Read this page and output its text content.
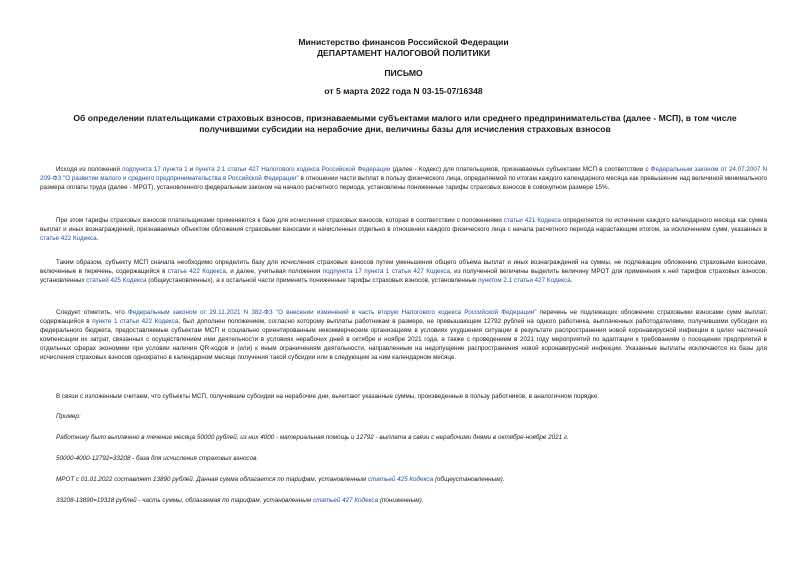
Министерство финансов Российской Федерации
ДЕПАРТАМЕНТ НАЛОГОВОЙ ПОЛИТИКИ
ПИСЬМО
от 5 марта 2022 года N 03-15-07/16348
Об определении плательщиками страховых взносов, признаваемыми субъектами малого или среднего предпринимательства (далее - МСП), в том числе получившими субсидии на нерабочие дни, величины базы для исчисления страховых взносов
Исходя из положений подпункта 17 пункта 1 и пункта 2.1 статьи 427 Налогового кодекса Российской Федерации (далее - Кодекс) для плательщиков, признаваемых субъектами МСП в соответствии с Федеральным законом от 24.07.2007 N 209-ФЗ "О развитии малого и среднего предпринимательства в Российской Федерации" в отношении части выплат в пользу физического лица, определяемой по итогам каждого календарного месяца как превышение над величиной минимального размера оплаты труда (далее - МРОТ), установленного федеральным законом на начало расчетного периода, установлены пониженные тарифы страховых взносов в совокупном размере 15%.
При этом тарифы страховых взносов плательщиками применяются к базе для исчисления страховых взносов, которая в соответствии с положениями статьи 421 Кодекса определяется по истечении каждого календарного месяца как сумма выплат и иных вознаграждений, признаваемых объектом обложения страховыми взносами и начисленных отдельно в отношении каждого физического лица с начала расчетного периода нарастающим итогом, за исключением сумм, указанных в статье 422 Кодекса.
Таким образом, субъекту МСП сначала необходимо определить базу для исчисления страховых взносов путем уменьшения общего объема выплат и иных вознаграждений на суммы, не подлежащие обложению страховыми взносами, включенные в перечень, содержащийся в статье 422 Кодекса, и далее, учитывая положения подпункта 17 пункта 1 статьи 427 Кодекса, из полученной величины выделить величину МРОТ для применения к ней тарифов страховых взносов, установленных статьей 425 Кодекса (общеустановленных), а к остальной части применить пониженные тарифы страховых взносов, установленные пунктом 2.1 статьи 427 Кодекса.
Следует отметить, что Федеральным законом от 29.11.2021 N 382-ФЗ "О внесении изменений в часть вторую Налогового кодекса Российской Федерации" перечень не подлежащих обложению страховыми взносами сумм выплат, содержащийся в пункте 1 статьи 422 Кодекса, был дополнен положением, согласно которому выплаты работникам в размере, не превышающем 12792 рублей на одного работника, выплаченных работодателями, получившими субсидии из федерального бюджета, предоставляемые субъектам МСП и социально ориентированным некоммерческим организациям в условиях ухудшения ситуации в результате распространения новой коронавирусной инфекции в целях частичной компенсации их затрат, связанных с осуществлением ими деятельности в условиях нерабочих дней в октябре и ноябре 2021 года, а также с проведением в 2021 году мероприятий по адаптации к требованиям о посещении предприятий в отдельных сферах экономики при условии наличия QR-кодов и (или) к иным ограничениям деятельности, направленным на недопущение распространения новой коронавирусной инфекции. Указанные выплаты исключаются из базы для исчисления страховых взносов однократно в календарном месяце получения такой субсидии или в следующем за ним календарном месяце.
В связи с изложенным считаем, что субъекты МСП, получившие субсидии на нерабочие дни, вычитают указанные суммы, произведенные в пользу работников, в аналогичном порядке.
Пример:
Работнику было выплачено в течение месяца 50000 рублей, из них 4000 - материальная помощь и 12792 - выплата в связи с нерабочими днями в октябре-ноябре 2021 г.
50000-4000-12792=33208 - база для исчисления страховых взносов.
МРОТ с 01.01.2022 составляет 13890 рублей. Данная сумма облагается по тарифам, установленным статьей 425 Кодекса (общеустановленным).
33208-13890=19318 рублей - часть суммы, облагаемая по тарифам, установленным статьей 427 Кодекса (пониженным).
